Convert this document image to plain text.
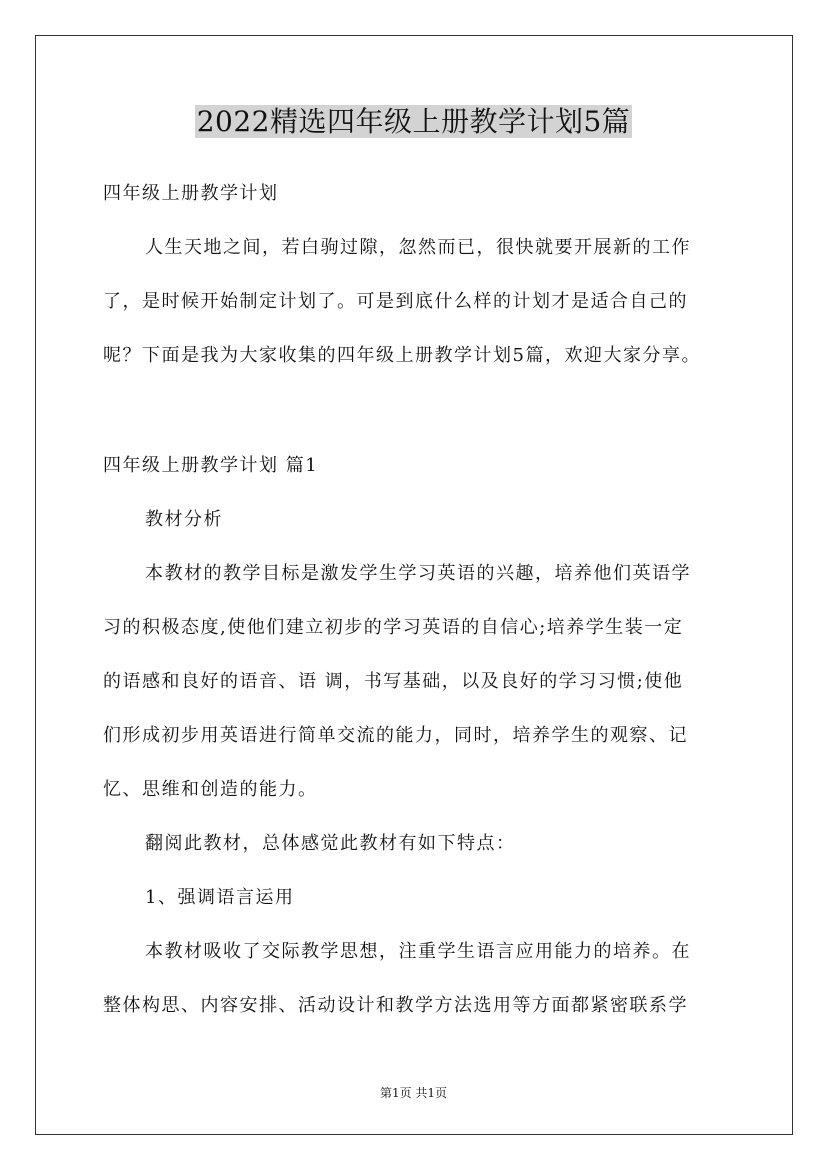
2022精选四年级上册教学计划5篇
四年级上册教学计划
人生天地之间，若白驹过隙，忽然而已，很快就要开展新的工作
了，是时候开始制定计划了。可是到底什么样的计划才是适合自己的
呢？下面是我为大家收集的四年级上册教学计划5篇，欢迎大家分享。
四年级上册教学计划 篇1
教材分析
本教材的教学目标是激发学生学习英语的兴趣，培养他们英语学
习的积极态度,使他们建立初步的学习英语的自信心;培养学生装一定
的语感和良好的语音、语 调，书写基础，以及良好的学习习惯;使他
们形成初步用英语进行简单交流的能力，同时，培养学生的观察、记
忆、思维和创造的能力。
翻阅此教材，总体感觉此教材有如下特点：
1、强调语言运用
本教材吸收了交际教学思想，注重学生语言应用能力的培养。在
整体构思、内容安排、活动设计和教学方法选用等方面都紧密联系学
第1页 共1页
